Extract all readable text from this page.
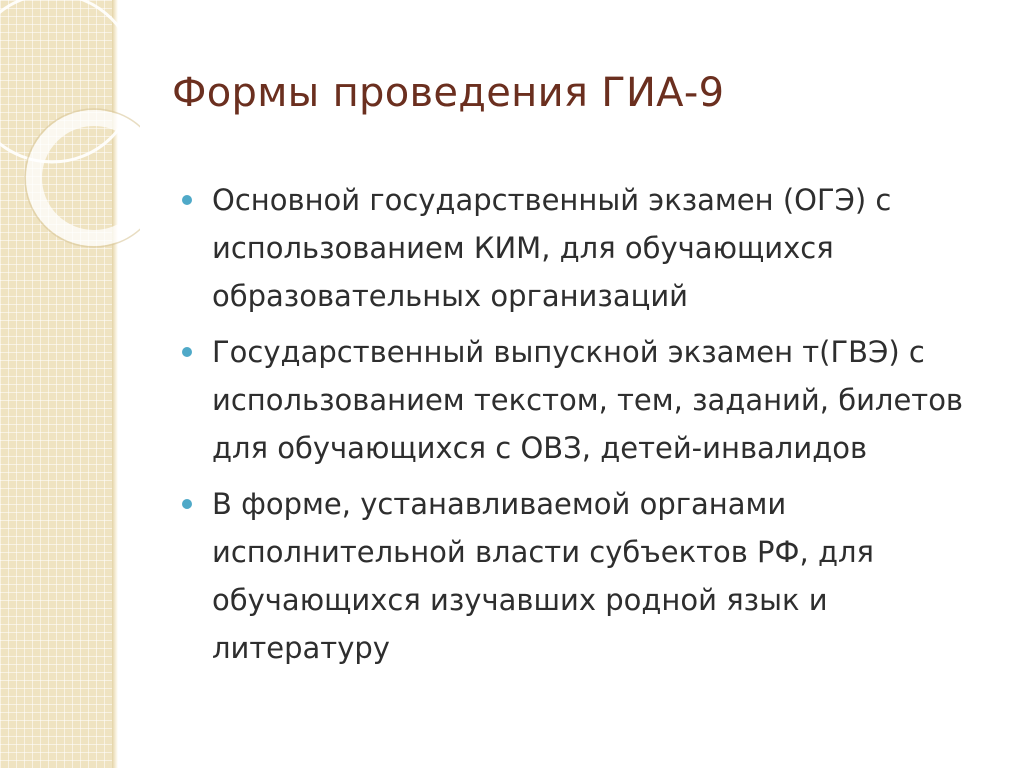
Формы проведения ГИА-9
Основной государственный экзамен (ОГЭ) с использованием КИМ, для обучающихся образовательных организаций
Государственный выпускной экзамен т(ГВЭ) с использованием текстом, тем, заданий, билетов для обучающихся с ОВЗ, детей-инвалидов
В форме, устанавливаемой органами исполнительной власти субъектов РФ, для обучающихся изучавших родной язык и литературу
